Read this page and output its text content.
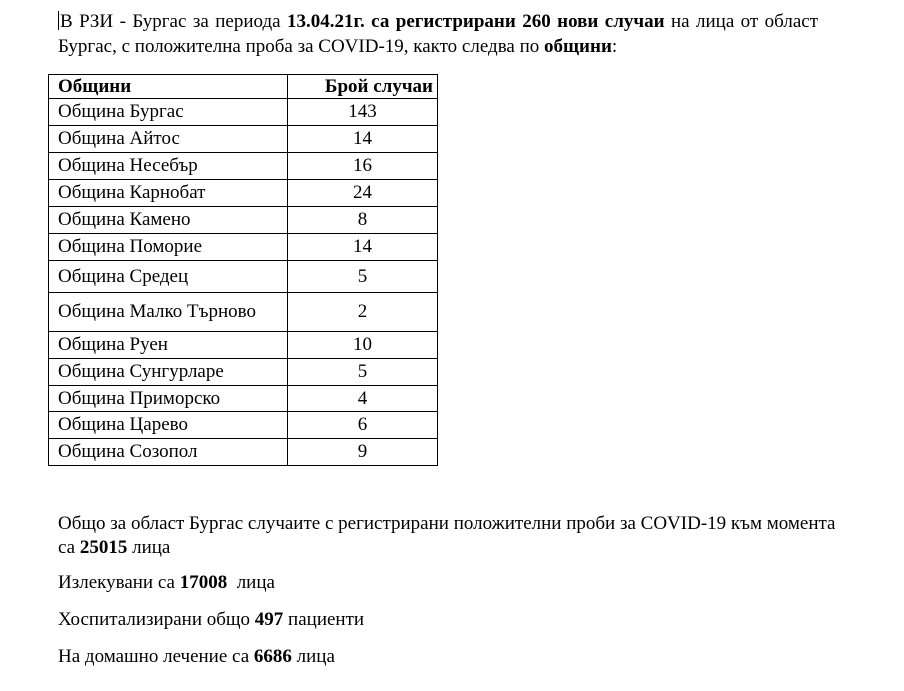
В РЗИ - Бургас за периода 13.04.21г. са регистрирани 260 нови случаи на лица от област Бургас, с положителна проба за COVID-19, както следва по общини:
Общини	Брой случаи
Община Бургас	143
Община Айтос	14
Община Несебър	16
Община Карнобат	24
Община Камено	8
Община Поморие	14
Община Средец	5
Община Малко Търново	2
Община Руен	10
Община Сунгурларе	5
Община Приморско	4
Община Царево	6
Община Созопол	9
Общо за област Бургас случаите с регистрирани положителни проби за COVID-19 към момента са 25015 лица
Излекувани са 17008  лица
Хоспитализирани общо 497 пациенти
На домашно лечение са 6686 лица
